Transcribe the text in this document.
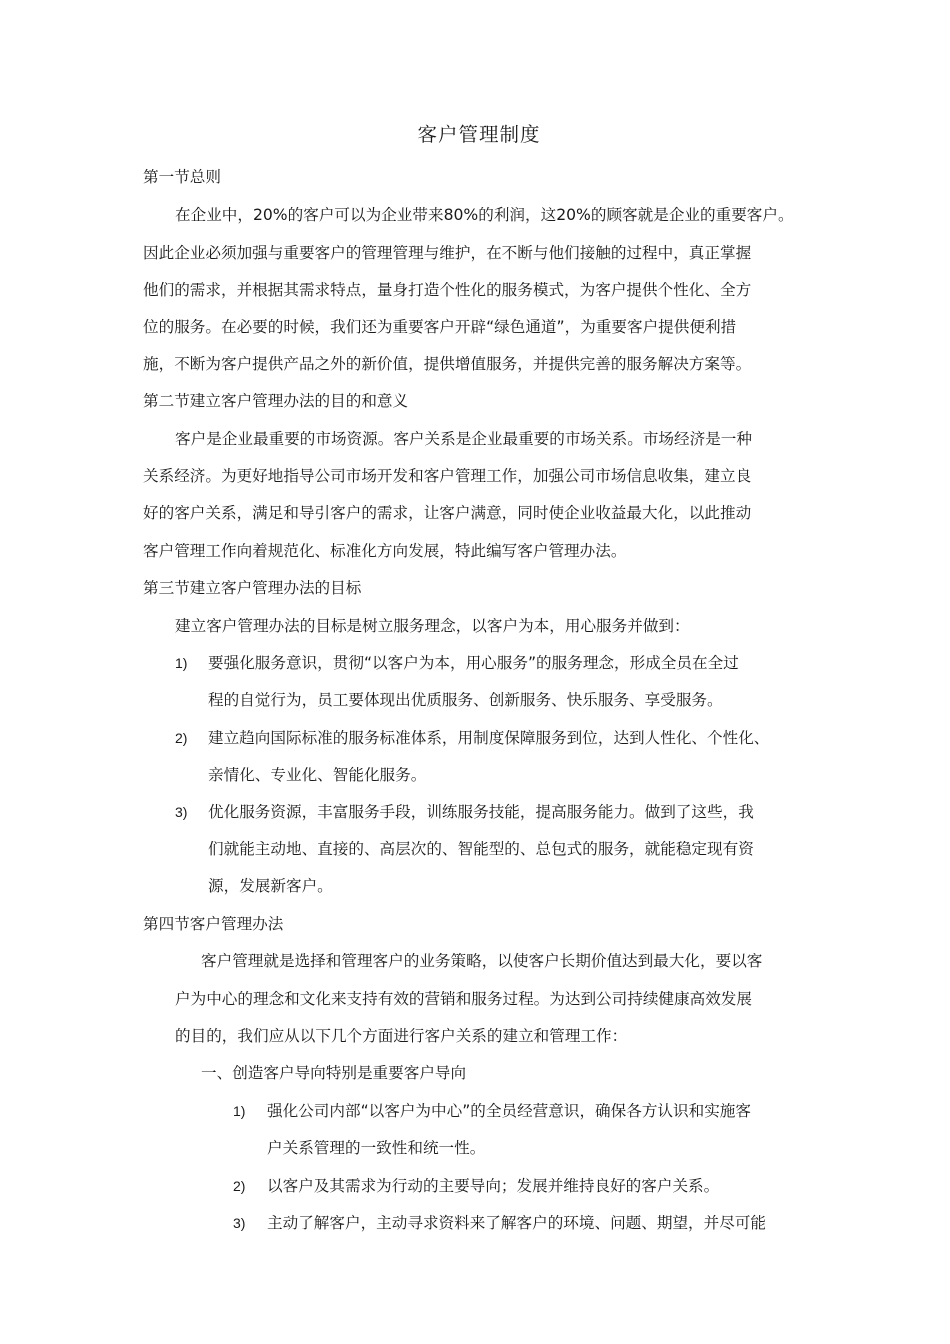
客户管理制度
第一节总则
在企业中，20%的客户可以为企业带来80%的利润，这20%的顾客就是企业的重要客户。
因此企业必须加强与重要客户的管理管理与维护，在不断与他们接触的过程中，真正掌握
他们的需求，并根据其需求特点，量身打造个性化的服务模式，为客户提供个性化、全方
位的服务。在必要的时候，我们还为重要客户开辟“绿色通道”，为重要客户提供便利措
施，不断为客户提供产品之外的新价值，提供增值服务，并提供完善的服务解决方案等。
第二节建立客户管理办法的目的和意义
客户是企业最重要的市场资源。客户关系是企业最重要的市场关系。市场经济是一种
关系经济。为更好地指导公司市场开发和客户管理工作，加强公司市场信息收集，建立良
好的客户关系，满足和导引客户的需求，让客户满意，同时使企业收益最大化，以此推动
客户管理工作向着规范化、标准化方向发展，特此编写客户管理办法。
第三节建立客户管理办法的目标
建立客户管理办法的目标是树立服务理念，以客户为本，用心服务并做到：
1) 要强化服务意识，贯彻“以客户为本，用心服务”的服务理念，形成全员在全过
程的自觉行为，员工要体现出优质服务、创新服务、快乐服务、享受服务。
2) 建立趋向国际标准的服务标准体系，用制度保障服务到位，达到人性化、个性化、
亲情化、专业化、智能化服务。
3) 优化服务资源，丰富服务手段，训练服务技能，提高服务能力。做到了这些，我
们就能主动地、直接的、高层次的、智能型的、总包式的服务，就能稳定现有资
源，发展新客户。
第四节客户管理办法
客户管理就是选择和管理客户的业务策略，以使客户长期价值达到最大化，要以客
户为中心的理念和文化来支持有效的营销和服务过程。为达到公司持续健康高效发展
的目的，我们应从以下几个方面进行客户关系的建立和管理工作：
一、创造客户导向特别是重要客户导向
1) 强化公司内部“以客户为中心”的全员经营意识，确保各方认识和实施客
户关系管理的一致性和统一性。
2) 以客户及其需求为行动的主要导向；发展并维持良好的客户关系。
3) 主动了解客户，主动寻求资料来了解客户的环境、问题、期望，并尽可能
